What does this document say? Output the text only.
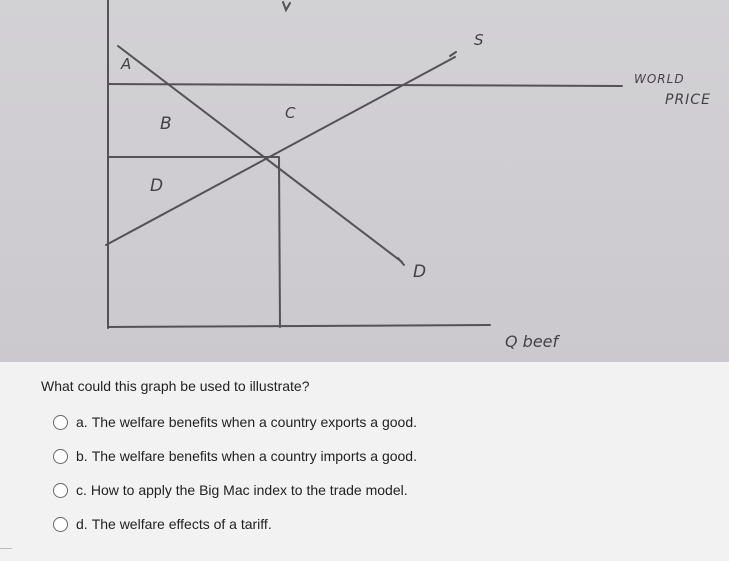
A
B
C
D
S
D
Q beef
WORLD
PRICE
What could this graph be used to illustrate?
a. The welfare benefits when a country exports a good.
b. The welfare benefits when a country imports a good.
c. How to apply the Big Mac index to the trade model.
d. The welfare effects of a tariff.
